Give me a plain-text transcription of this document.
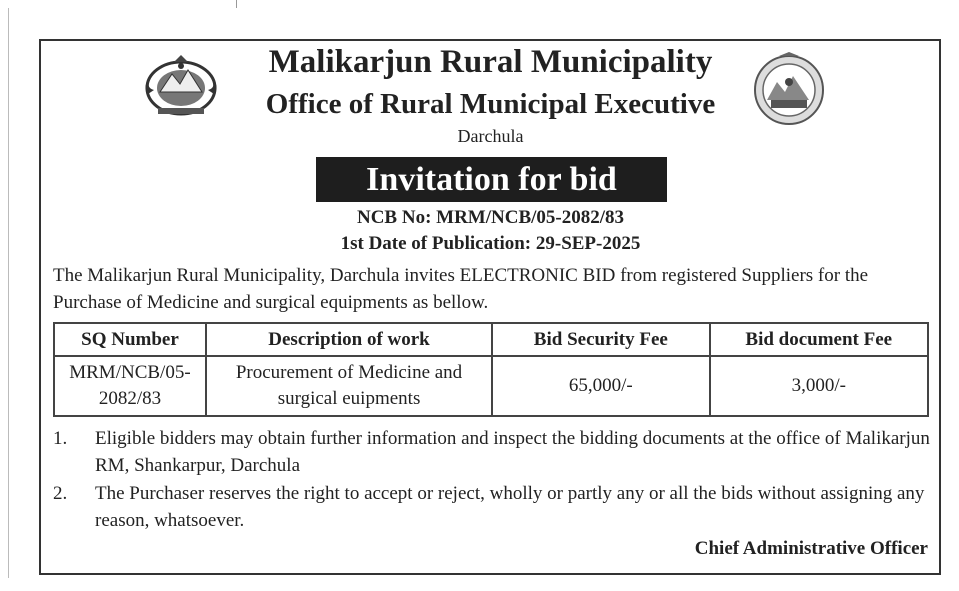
Malikarjun Rural Municipality
Office of Rural Municipal Executive
Darchula
Invitation for bid
NCB No: MRM/NCB/05-2082/83
1st Date of Publication: 29-SEP-2025
The Malikarjun Rural Municipality, Darchula invites ELECTRONIC BID from registered Suppliers for the Purchase of Medicine and surgical equipments as bellow.
SQ Number	Description of work	Bid Security Fee	Bid document Fee
MRM/NCB/05-2082/83	Procurement of Medicine and surgical euipments	65,000/-	3,000/-
1.	Eligible bidders may obtain further information and inspect the bidding documents at the office of Malikarjun RM, Shankarpur, Darchula
2.	The Purchaser reserves the right to accept or reject, wholly or partly any or all the bids without assigning any reason, whatsoever.
Chief Administrative Officer
